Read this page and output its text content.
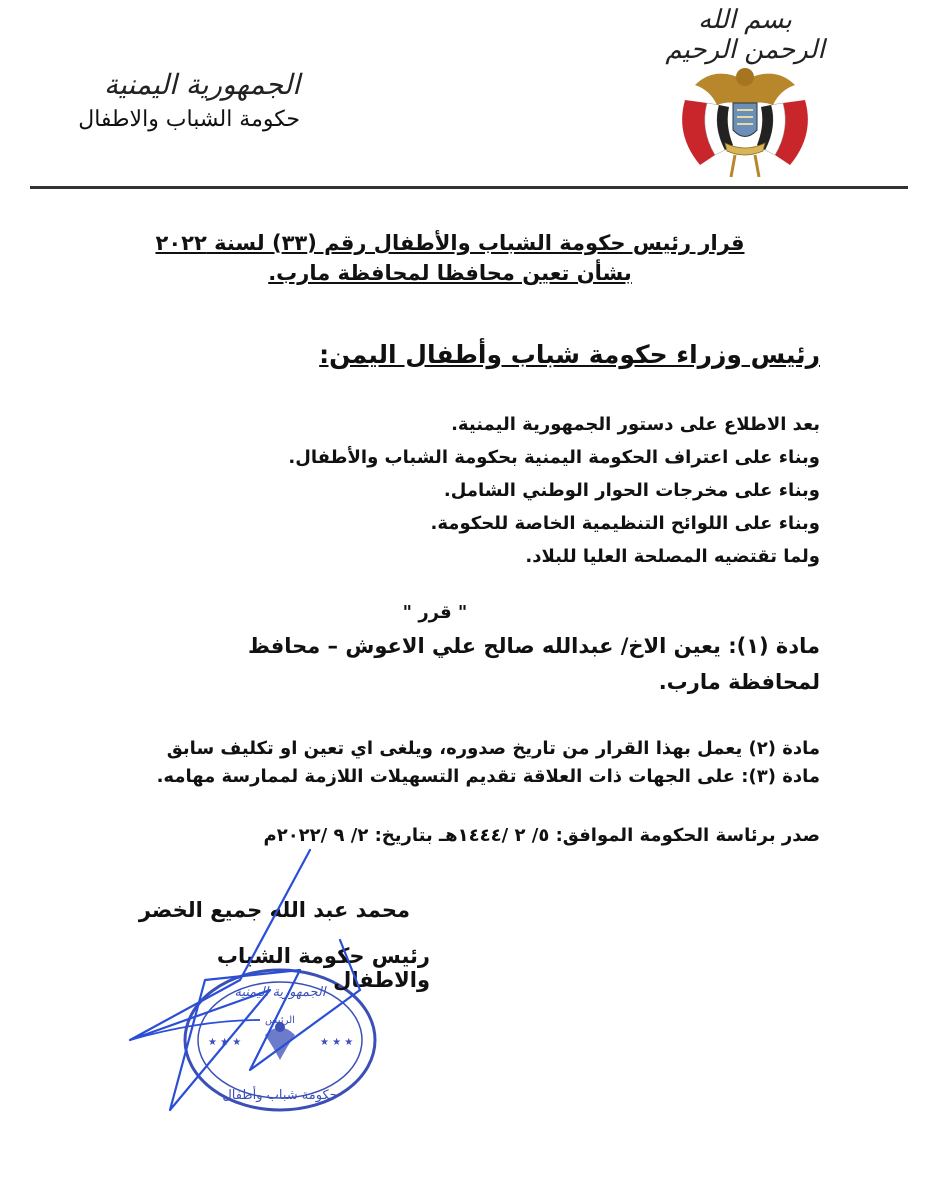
بسم الله الرحمن الرحيم
الجمهورية اليمنية
حكومة الشباب والاطفال
قرار رئيس حكومة الشباب والأطفال رقم (٣٣) لسنة ٢٠٢٢
بشأن تعين محافظا لمحافظة مارب.
رئيس وزراء حكومة شباب وأطفال اليمن:
بعد الاطلاع على دستور الجمهورية اليمنية.
وبناء على اعتراف الحكومة اليمنية بحكومة الشباب والأطفال.
وبناء على مخرجات الحوار الوطني الشامل.
وبناء على اللوائح التنظيمية الخاصة للحكومة.
ولما تقتضيه المصلحة العليا للبلاد.
" قرر "
مادة (١): يعين الاخ/ عبدالله صالح علي الاعوش – محافظ لمحافظة مارب.
مادة (٢) يعمل بهذا القرار من تاريخ صدوره، ويلغى اي تعين او تكليف سابق
مادة (٣): على الجهات ذات العلاقة تقديم التسهيلات اللازمة لممارسة مهامه.
صدر برئاسة الحكومة الموافق: ٥/ ٢ /١٤٤٤هـ بتاريخ: ٢/ ٩ /٢٠٢٢م
★ ★ ★	★ ★ ★
الجمهورية اليمنية
الرئيس
حكومة شباب وأطفال
محمد عبد الله جميع الخضر
رئيس حكومة الشباب والاطفال
